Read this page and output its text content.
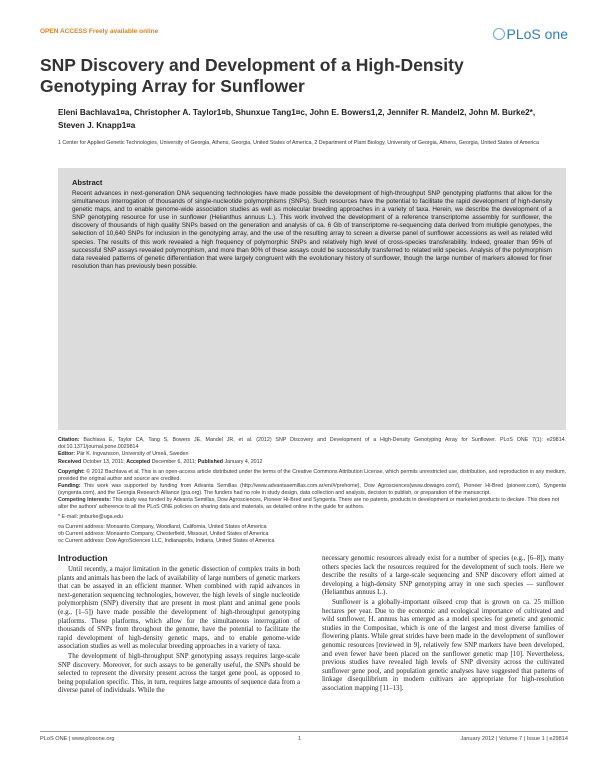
OPEN ACCESS Freely available online	PLoS one
SNP Discovery and Development of a High-Density Genotyping Array for Sunflower

Eleni Bachlava1¤a, Christopher A. Taylor1¤b, Shunxue Tang1¤c, John E. Bowers1,2, Jennifer R. Mandel2, John M. Burke2*, Steven J. Knapp1¤a

1 Center for Applied Genetic Technologies, University of Georgia, Athens, Georgia, United States of America, 2 Department of Plant Biology, University of Georgia, Athens, Georgia, United States of America

Abstract

Recent advances in next-generation DNA sequencing technologies have made possible the development of high-throughput SNP genotyping platforms that allow for the simultaneous interrogation of thousands of single-nucleotide polymorphisms (SNPs). Such resources have the potential to facilitate the rapid development of high-density genetic maps, and to enable genome-wide association studies as well as molecular breeding approaches in a variety of taxa. Herein, we describe the development of a SNP genotyping resource for use in sunflower (Helianthus annuus L.). This work involved the development of a reference transcriptome assembly for sunflower, the discovery of thousands of high quality SNPs based on the generation and analysis of ca. 6 Gb of transcriptome re-sequencing data derived from multiple genotypes, the selection of 10,640 SNPs for inclusion in the genotyping array, and the use of the resulting array to screen a diverse panel of sunflower accessions as well as related wild species. The results of this work revealed a high frequency of polymorphic SNPs and relatively high level of cross-species transferability. Indeed, greater than 95% of successful SNP assays revealed polymorphism, and more than 90% of these assays could be successfully transferred to related wild species. Analysis of the polymorphism data revealed patterns of genetic differentiation that were largely congruent with the evolutionary history of sunflower, though the large number of markers allowed for finer resolution than has previously been possible.

Citation: Bachlava E, Taylor CA, Tang S, Bowers JE, Mandel JR, et al. (2012) SNP Discovery and Development of a High-Density Genotyping Array for Sunflower. PLoS ONE 7(1): e29814. doi:10.1371/journal.pone.0029814

Editor: Pär K. Ingvarsson, University of Umeå, Sweden

Received October 13, 2011; Accepted December 6, 2011; Published January 4, 2012

Copyright: © 2012 Bachlava et al. This is an open-access article distributed under the terms of the Creative Commons Attribution License, which permits unrestricted use, distribution, and reproduction in any medium, provided the original author and source are credited.

Funding: This work was supported by funding from Advanta Semillas (http://www.advantasemillas.com.ar/en/#/prehome), Dow Agrosciences(www.dowagro.com/), Pioneer Hi-Bred (pioneer.com), Syngenta (syngenta.com), and the Georgia Research Alliance (gra.org). The funders had no role in study design, data collection and analysis, decision to publish, or preparation of the manuscript.

Introduction

Until recently, a major limitation in the genetic dissection of complex traits in both plants and animals has been the lack of availability of large numbers of genetic markers that can be assayed in an efficient manner. When combined with rapid advances in next-generation sequencing technologies, however, the high levels of single nucleotide polymorphism (SNP) diversity that are present in most plant and animal gene pools (e.g., [1–5]) have made possible the development of high-throughput genotyping platforms. These platforms, which allow for the simultaneous interrogation of thousands of SNPs from throughout the genome, have the potential to facilitate the rapid development of high-density genetic maps, and to enable genome-wide association studies as well as molecular breeding approaches in a variety of taxa.

The development of high-throughput SNP genotyping assays requires large-scale SNP discovery. Moreover, for such assays to be generally useful, the SNPs should be selected to represent the diversity present across the target gene pool, as opposed to being population specific. This, in turn, requires large amounts of sequence data from a diverse panel of individuals. While the

necessary genomic resources already exist for a number of species (e.g., [6–8]), many others species lack the resources required for the development of such tools. Here we describe the results of a large-scale sequencing and SNP discovery effort aimed at developing a high-density SNP genotyping array in one such species — sunflower (Helianthus annuus L.).

Sunflower is a globally-important oilseed crop that is grown on ca. 25 million hectares per year. Due to the economic and ecological importance of cultivated and wild sunflower, H. annuus has emerged as a model species for genetic and genomic studies in the Compositae, which is one of the largest and most diverse families of flowering plants. While great strides have been made in the development of sunflower genomic resources [reviewed in 9], relatively few SNP markers have been developed, and even fewer have been placed on the sunflower genetic map [10]. Nevertheless, previous studies have revealed high levels of SNP diversity across the cultivated sunflower gene pool, and population genetic analyses have suggested that patterns of linkage disequilibrium in modern cultivars are appropriate for high-resolution association mapping [11–13].

PLoS ONE | www.plosone.org	1	January 2012 | Volume 7 | Issue 1 | e29814

Competing Interests: This study was funded by Advanta Semillas, Dow Agrosciences, Pioneer Hi-Bred and Syngenta. There are no patents, products in development or marketed products to declare. This does not alter the authors' adherence to all the PLoS ONE policies on sharing data and materials, as detailed online in the guide for authors.

* E-mail: jmburke@uga.edu

¤a Current address: Monsanto Company, Woodland, California, United States of America

¤b Current address: Monsanto Company, Chesterfield, Missouri, United States of America

¤c Current address: Dow AgroSciences LLC, Indianapolis, Indiana, United States of America
